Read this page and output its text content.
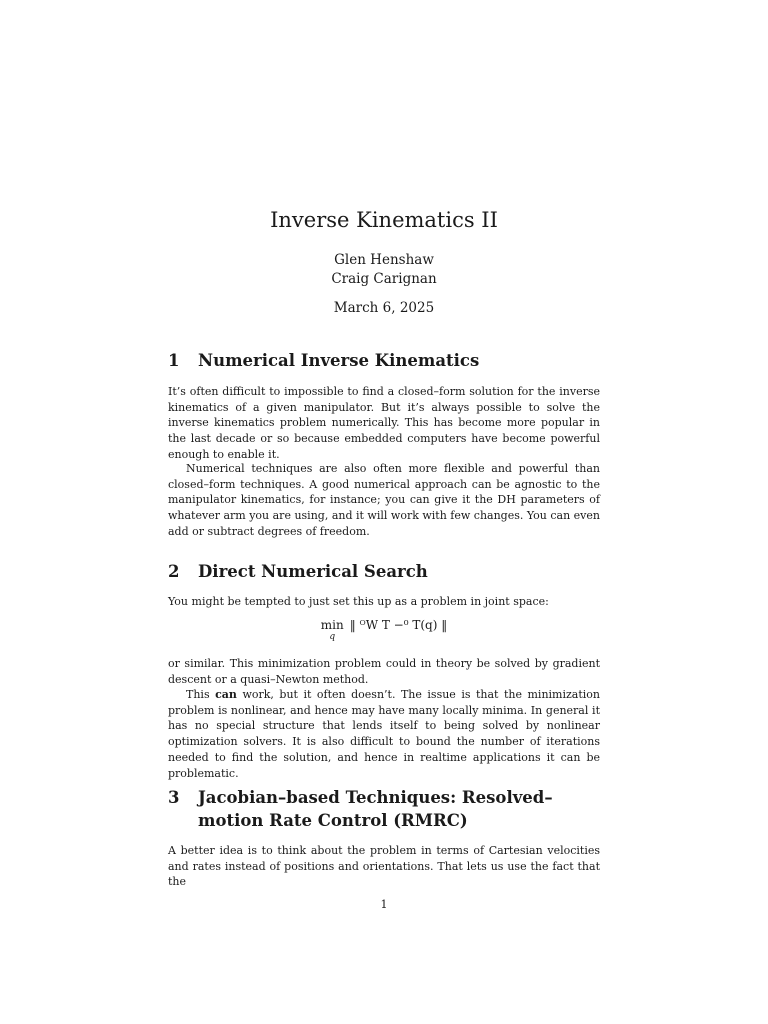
Inverse Kinematics II
Glen Henshaw
Craig Carignan
March 6, 2025
1 Numerical Inverse Kinematics

It’s often difficult to impossible to find a closed–form solution for the inverse kinematics of a given manipulator. But it’s always possible to solve the inverse kinematics problem numerically. This has become more popular in the last decade or so because embedded computers have become powerful enough to enable it.

Numerical techniques are also often more flexible and powerful than closed–form techniques. A good numerical approach can be agnostic to the manipulator kinematics, for instance; you can give it the DH parameters of whatever arm you are using, and it will work with few changes. You can even add or subtract degrees of freedom.

2 Direct Numerical Search

You might be tempted to just set this up as a problem in joint space:

min
q
‖ ᴼW T −⁰ T(q) ‖

or similar. This minimization problem could in theory be solved by gradient descent or a quasi–Newton method.

This can work, but it often doesn’t. The issue is that the minimization problem is nonlinear, and hence may have many locally minima. In general it has no special structure that lends itself to being solved by nonlinear optimization solvers. It is also difficult to bound the number of iterations needed to find the solution, and hence in realtime applications it can be problematic.

3 Jacobian–based Techniques: Resolved–motion Rate Control (RMRC)

A better idea is to think about the problem in terms of Cartesian velocities and rates instead of positions and orientations. That lets us use the fact that the

1
